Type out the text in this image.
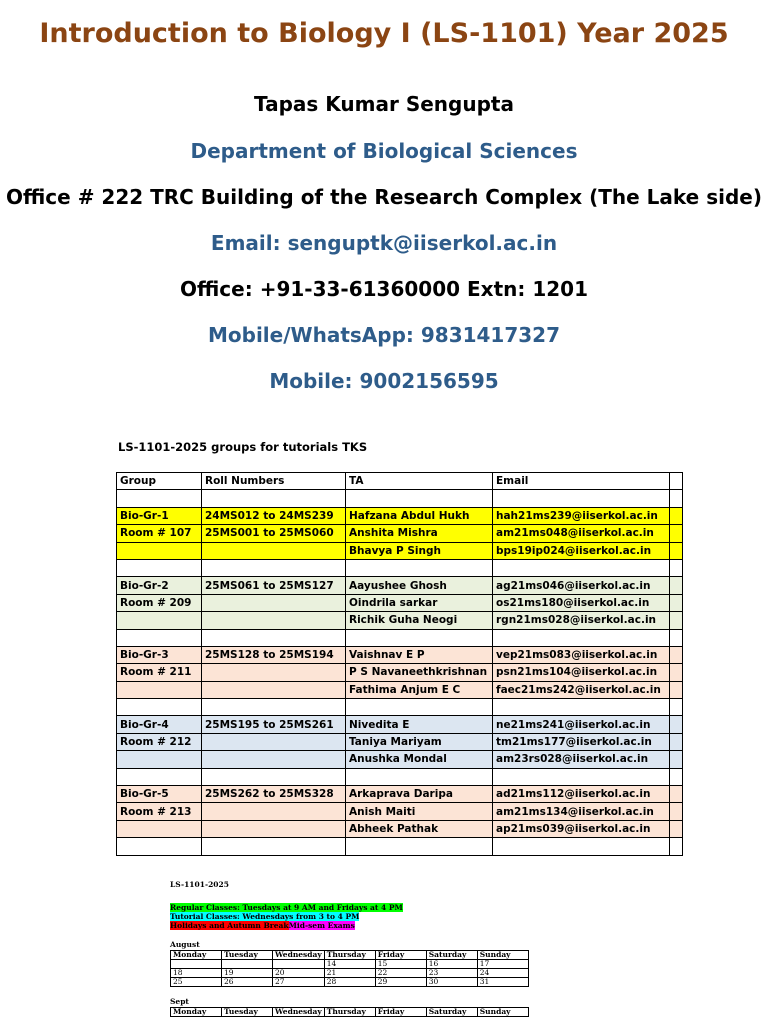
Introduction to Biology I (LS-1101) Year 2025
Tapas Kumar Sengupta
Department of Biological Sciences
Office # 222 TRC Building of the Research Complex (The Lake side)
Email: senguptk@iiserkol.ac.in
Office: +91-33-61360000 Extn: 1201
Mobile/WhatsApp: 9831417327
Mobile: 9002156595
LS-1101-2025 groups for tutorials TKS
Group	Roll Numbers	TA	Email	

Bio-Gr-1	24MS012 to 24MS239	Hafzana Abdul Hukh	hah21ms239@iiserkol.ac.in	
Room # 107	25MS001 to 25MS060	Anshita Mishra	am21ms048@iiserkol.ac.in	
		Bhavya P Singh	bps19ip024@iiserkol.ac.in	

Bio-Gr-2	25MS061 to 25MS127	Aayushee Ghosh	ag21ms046@iiserkol.ac.in	
Room # 209		Oindrila sarkar	os21ms180@iiserkol.ac.in	
		Richik Guha Neogi	rgn21ms028@iiserkol.ac.in	

Bio-Gr-3	25MS128 to 25MS194	Vaishnav E P	vep21ms083@iiserkol.ac.in	
Room # 211		P S Navaneethkrishnan	psn21ms104@iiserkol.ac.in	
		Fathima Anjum E C	faec21ms242@iiserkol.ac.in	

Bio-Gr-4	25MS195 to 25MS261	Nivedita E	ne21ms241@iiserkol.ac.in	
Room # 212		Taniya Mariyam	tm21ms177@iiserkol.ac.in	
		Anushka Mondal	am23rs028@iiserkol.ac.in	

Bio-Gr-5	25MS262 to 25MS328	Arkaprava Daripa	ad21ms112@iiserkol.ac.in	
Room # 213		Anish Maiti	am21ms134@iiserkol.ac.in	
		Abheek Pathak	ap21ms039@iiserkol.ac.in	

LS-1101-2025
Regular Classes: Tuesdays at 9 AM and Fridays at 4 PM
Tutorial Classes: Wednesdays from 3 to 4 PM
Holidays and Autumn BreakMid-sem Exams
August
Monday	Tuesday	Wednesday	Thursday	Friday	Saturday	Sunday
			14	15	16	17
18	19	20	21	22	23	24
25	26	27	28	29	30	31
Sept
Monday	Tuesday	Wednesday	Thursday	Friday	Saturday	Sunday
